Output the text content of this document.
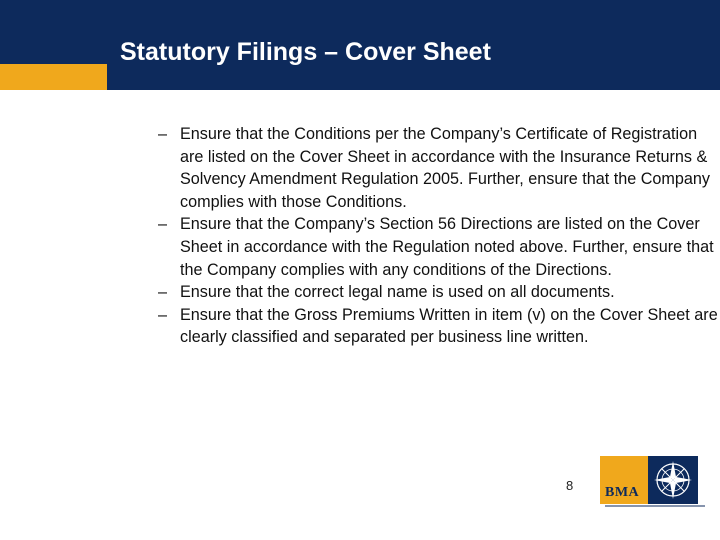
Statutory Filings – Cover Sheet
– Ensure that the Conditions per the Company’s Certificate of Registration are listed on the Cover Sheet in accordance with the Insurance Returns & Solvency Amendment Regulation 2005. Further, ensure that the Company complies with those Conditions.
– Ensure that the Company’s Section 56 Directions are listed on the Cover Sheet in accordance with the Regulation noted above. Further, ensure that the Company complies with any conditions of the Directions.
– Ensure that the correct legal name is used on all documents.
– Ensure that the Gross Premiums Written in item (v) on the Cover Sheet are clearly classified and separated per business line written.
8 BMA
